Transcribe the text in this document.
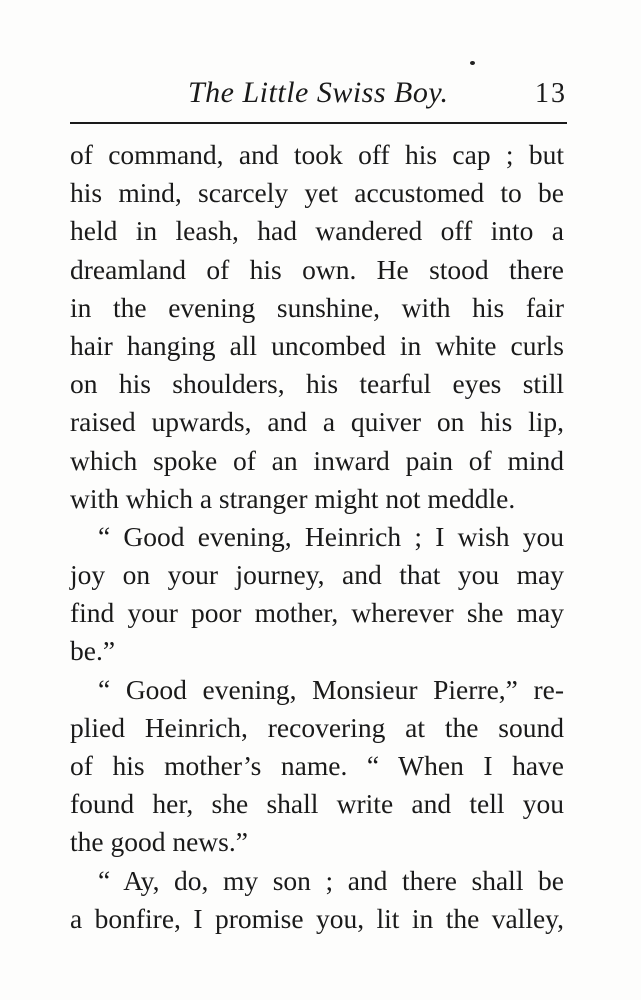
The Little Swiss Boy.	13
of command, and took off his cap ; but
his mind, scarcely yet accustomed to be
held in leash, had wandered off into a
dreamland of his own. He stood there
in the evening sunshine, with his fair
hair hanging all uncombed in white curls
on his shoulders, his tearful eyes still
raised upwards, and a quiver on his lip,
which spoke of an inward pain of mind
with which a stranger might not meddle.
“ Good evening, Heinrich ; I wish you
joy on your journey, and that you may
find your poor mother, wherever she may
be.”
“ Good evening, Monsieur Pierre,” re-
plied Heinrich, recovering at the sound
of his mother’s name. “ When I have
found her, she shall write and tell you
the good news.”
“ Ay, do, my son ; and there shall be
a bonfire, I promise you, lit in the valley,
